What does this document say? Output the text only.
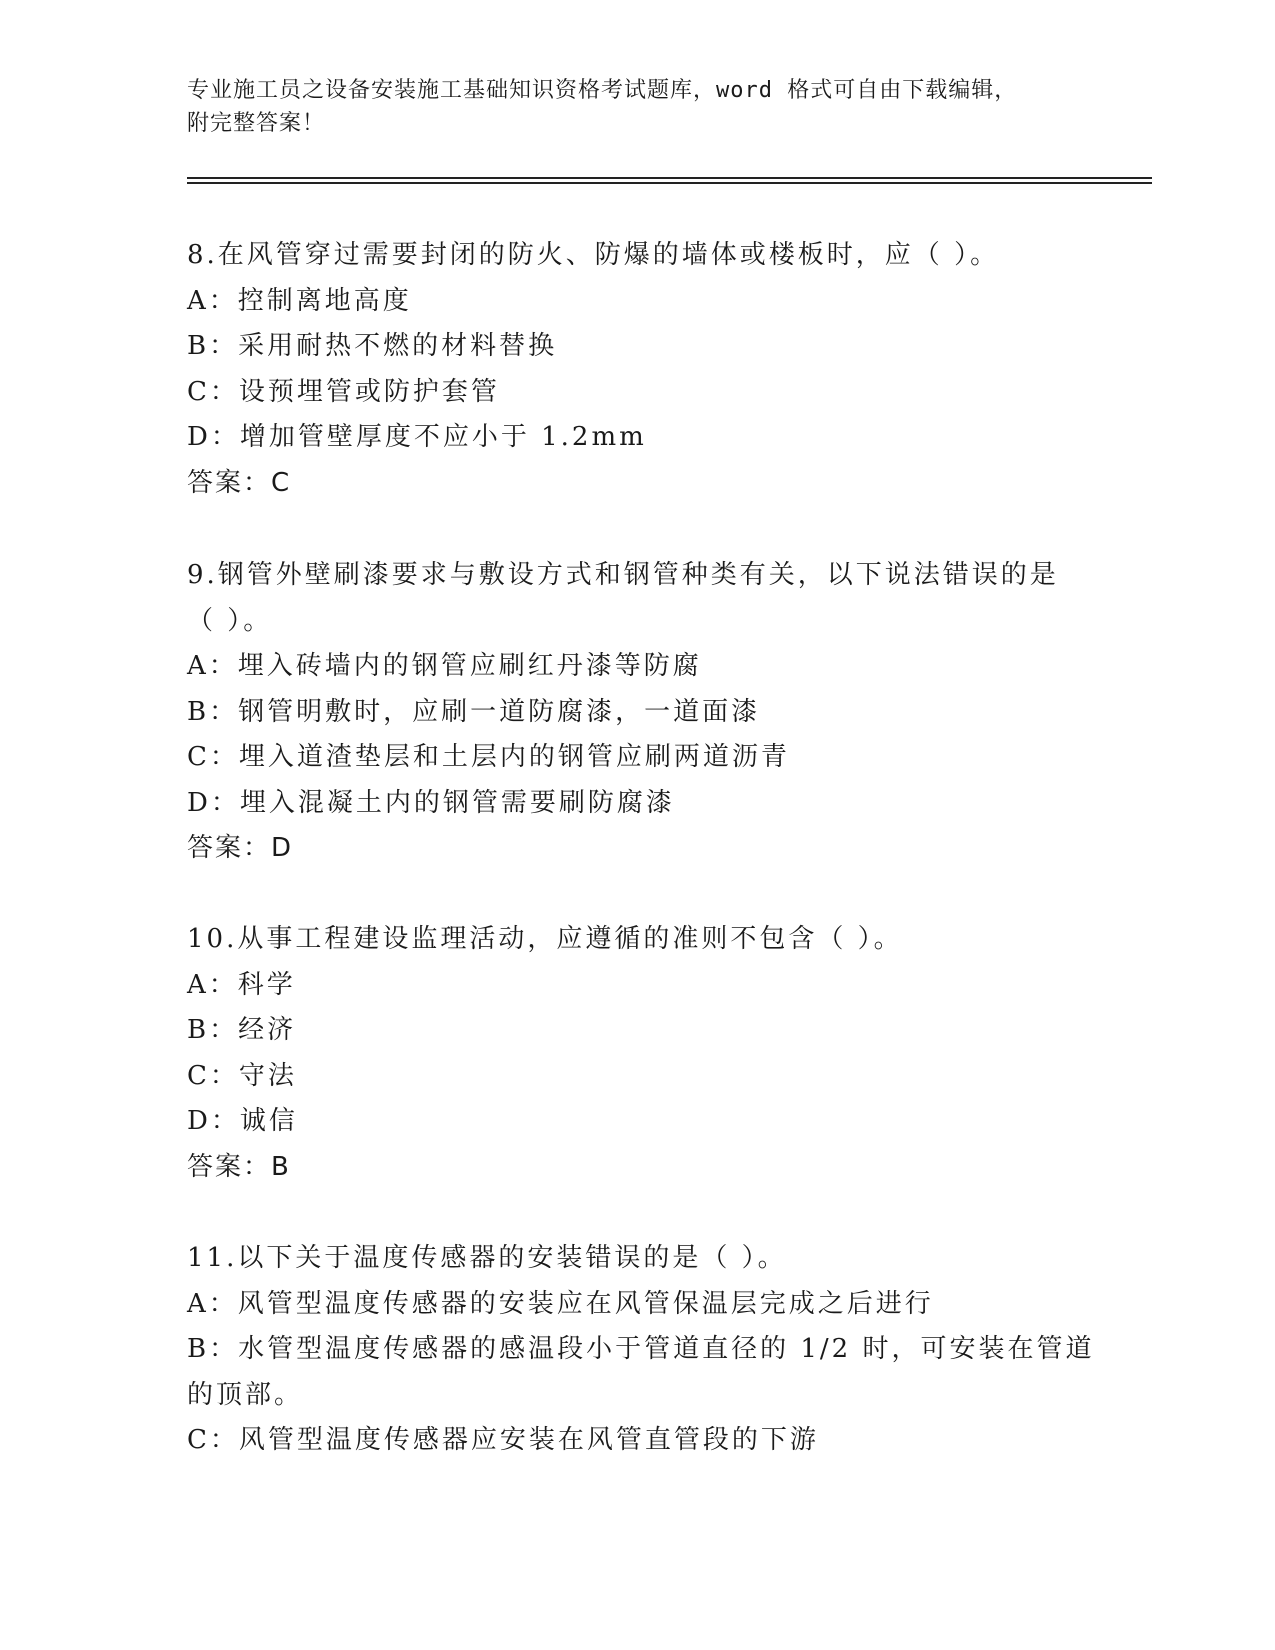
专业施工员之设备安装施工基础知识资格考试题库，word 格式可自由下载编辑，
附完整答案！
8.在风管穿过需要封闭的防火、防爆的墙体或楼板时，应（ ）。
A：控制离地高度
B：采用耐热不燃的材料替换
C：设预埋管或防护套管
D：增加管壁厚度不应小于 1.2mm
答案：C
9.钢管外壁刷漆要求与敷设方式和钢管种类有关，以下说法错误的是
（ ）。
A：埋入砖墙内的钢管应刷红丹漆等防腐
B：钢管明敷时，应刷一道防腐漆，一道面漆
C：埋入道渣垫层和土层内的钢管应刷两道沥青
D：埋入混凝土内的钢管需要刷防腐漆
答案：D
10.从事工程建设监理活动，应遵循的准则不包含（ ）。
A：科学
B：经济
C：守法
D：诚信
答案：B
11.以下关于温度传感器的安装错误的是（ ）。
A：风管型温度传感器的安装应在风管保温层完成之后进行
B：水管型温度传感器的感温段小于管道直径的 1/2 时，可安装在管道
的顶部。
C：风管型温度传感器应安装在风管直管段的下游
